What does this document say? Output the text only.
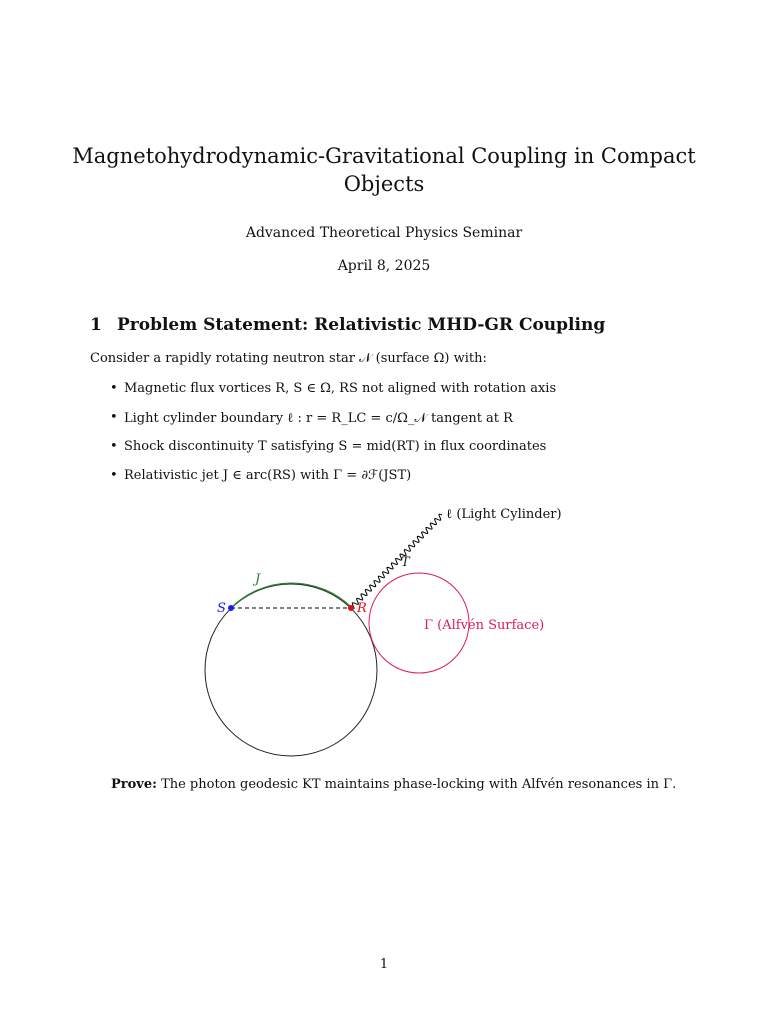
Magnetohydrodynamic-Gravitational Coupling in Compact Objects
Advanced Theoretical Physics Seminar
April 8, 2025
1 Problem Statement: Relativistic MHD-GR Coupling
Consider a rapidly rotating neutron star 𝒩 (surface Ω) with:
• Magnetic flux vortices R, S ∈ Ω, RS not aligned with rotation axis
• Light cylinder boundary ℓ : r = R_LC = c/Ω_𝒩 tangent at R
• Shock discontinuity T satisfying S = mid(RT) in flux coordinates
• Relativistic jet J ∈ arc(RS) with Γ = ∂ℱ(JST)
S	R
J
T
ℓ (Light Cylinder)
Γ (Alfvén Surface)
Prove: The photon geodesic KT maintains phase-locking with Alfvén resonances in Γ.
1
